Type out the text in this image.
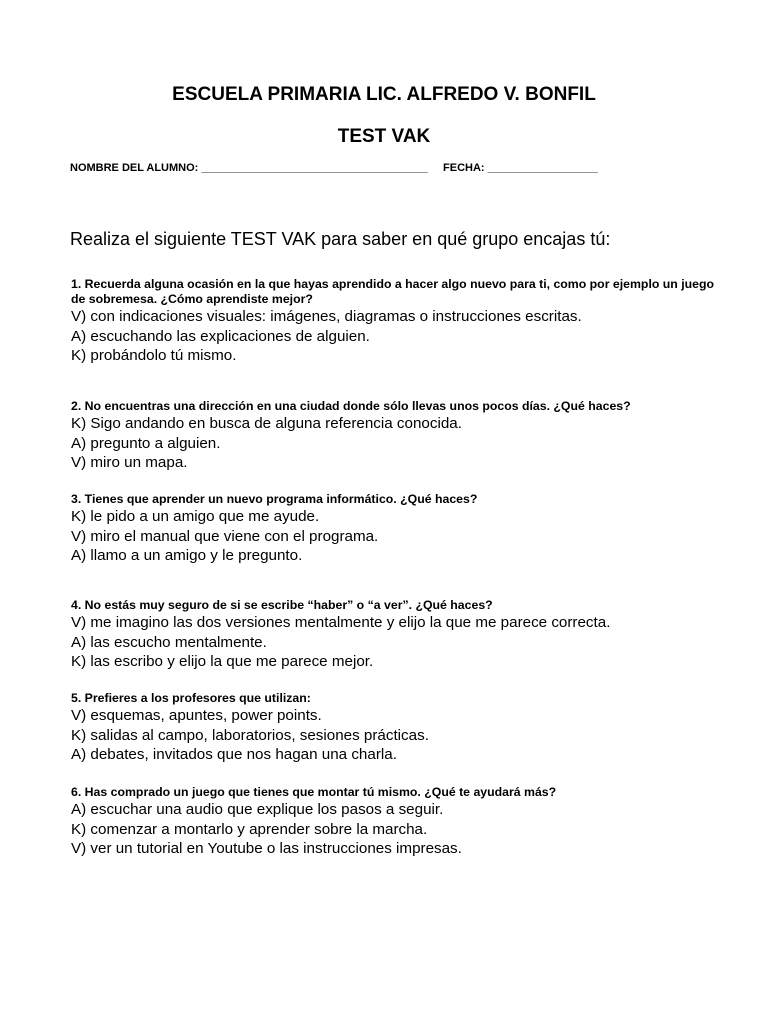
ESCUELA PRIMARIA LIC. ALFREDO V. BONFIL
TEST VAK
NOMBRE DEL ALUMNO: _____________________________________ FECHA: __________________
Realiza el siguiente TEST VAK para saber en qué grupo encajas tú:
1. Recuerda alguna ocasión en la que hayas aprendido a hacer algo nuevo para ti, como por ejemplo un juego de sobremesa. ¿Cómo aprendiste mejor?
V) con indicaciones visuales: imágenes, diagramas o instrucciones escritas.
A) escuchando las explicaciones de alguien.
K) probándolo tú mismo.
2. No encuentras una dirección en una ciudad donde sólo llevas unos pocos días. ¿Qué haces?
K) Sigo andando en busca de alguna referencia conocida.
A) pregunto a alguien.
V) miro un mapa.
3. Tienes que aprender un nuevo programa informático. ¿Qué haces?
K) le pido a un amigo que me ayude.
V) miro el manual que viene con el programa.
A) llamo a un amigo y le pregunto.
4. No estás muy seguro de si se escribe “haber” o “a ver”. ¿Qué haces?
V) me imagino las dos versiones mentalmente y elijo la que me parece correcta.
A) las escucho mentalmente.
K) las escribo y elijo la que me parece mejor.
5. Prefieres a los profesores que utilizan:
V) esquemas, apuntes, power points.
K) salidas al campo, laboratorios, sesiones prácticas.
A) debates, invitados que nos hagan una charla.
6. Has comprado un juego que tienes que montar tú mismo. ¿Qué te ayudará más?
A) escuchar una audio que explique los pasos a seguir.
K) comenzar a montarlo y aprender sobre la marcha.
V) ver un tutorial en Youtube o las instrucciones impresas.
